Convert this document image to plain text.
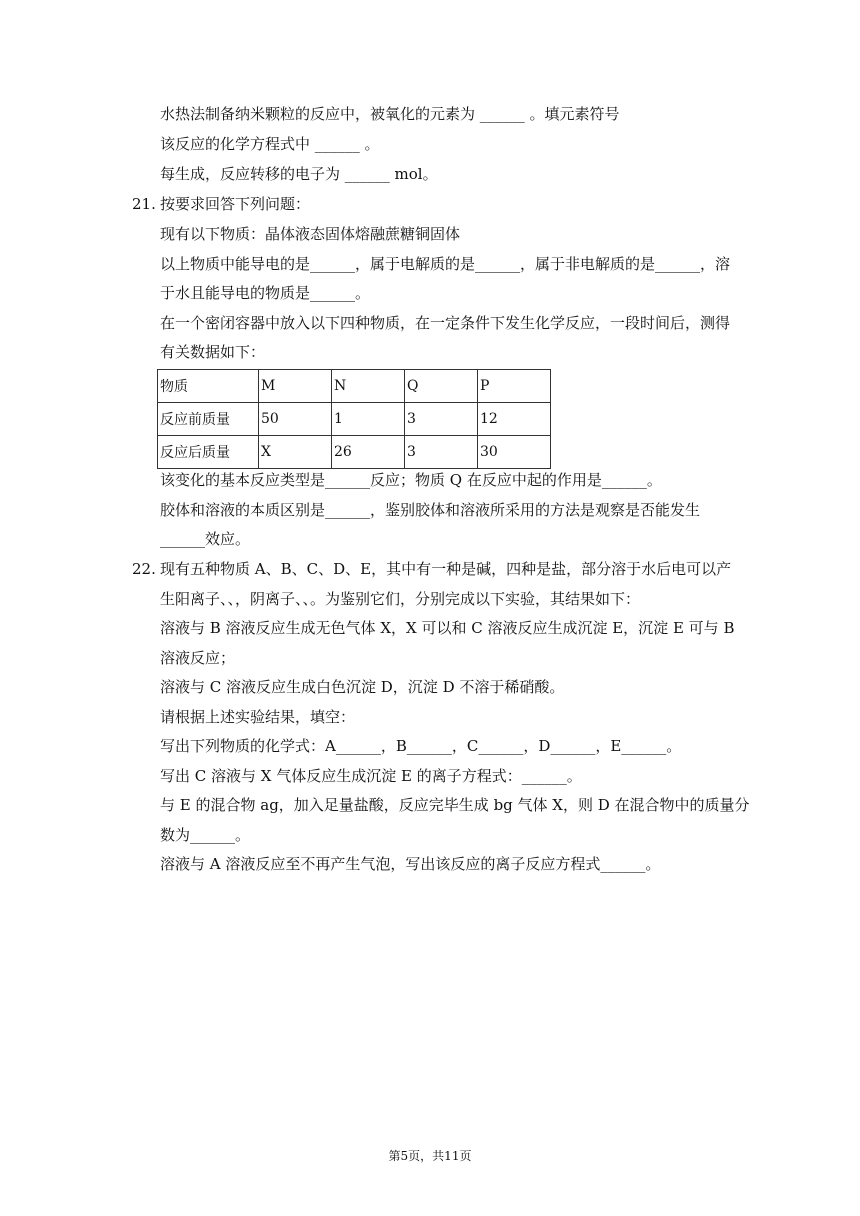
水热法制备纳米颗粒的反应中，被氧化的元素为 ______ 。填元素符号
该反应的化学方程式中 ______ 。
每生成，反应转移的电子为 ______ mol。
21. 按要求回答下列问题：
现有以下物质：晶体液态固体熔融蔗糖铜固体
以上物质中能导电的是______，属于电解质的是______，属于非电解质的是______，溶
于水且能导电的物质是______。
在一个密闭容器中放入以下四种物质，在一定条件下发生化学反应，一段时间后，测得
有关数据如下：
物质	M	N	Q	P
反应前质量	50	1	3	12
反应后质量	X	26	3	30
该变化的基本反应类型是______反应；物质 Q 在反应中起的作用是______。
胶体和溶液的本质区别是______，鉴别胶体和溶液所采用的方法是观察是否能发生
______效应。
22. 现有五种物质 A、B、C、D、E，其中有一种是碱，四种是盐，部分溶于水后电可以产
生阳离子、、，阴离子、、。为鉴别它们，分别完成以下实验，其结果如下：
溶液与 B 溶液反应生成无色气体 X，X 可以和 C 溶液反应生成沉淀 E，沉淀 E 可与 B
溶液反应；
溶液与 C 溶液反应生成白色沉淀 D，沉淀 D 不溶于稀硝酸。
请根据上述实验结果，填空：
写出下列物质的化学式：A______，B______，C______，D______，E______。
写出 C 溶液与 X 气体反应生成沉淀 E 的离子方程式：______。
与 E 的混合物 ag，加入足量盐酸，反应完毕生成 bg 气体 X，则 D 在混合物中的质量分
数为______。
溶液与 A 溶液反应至不再产生气泡，写出该反应的离子反应方程式______。
第5页，共11页
